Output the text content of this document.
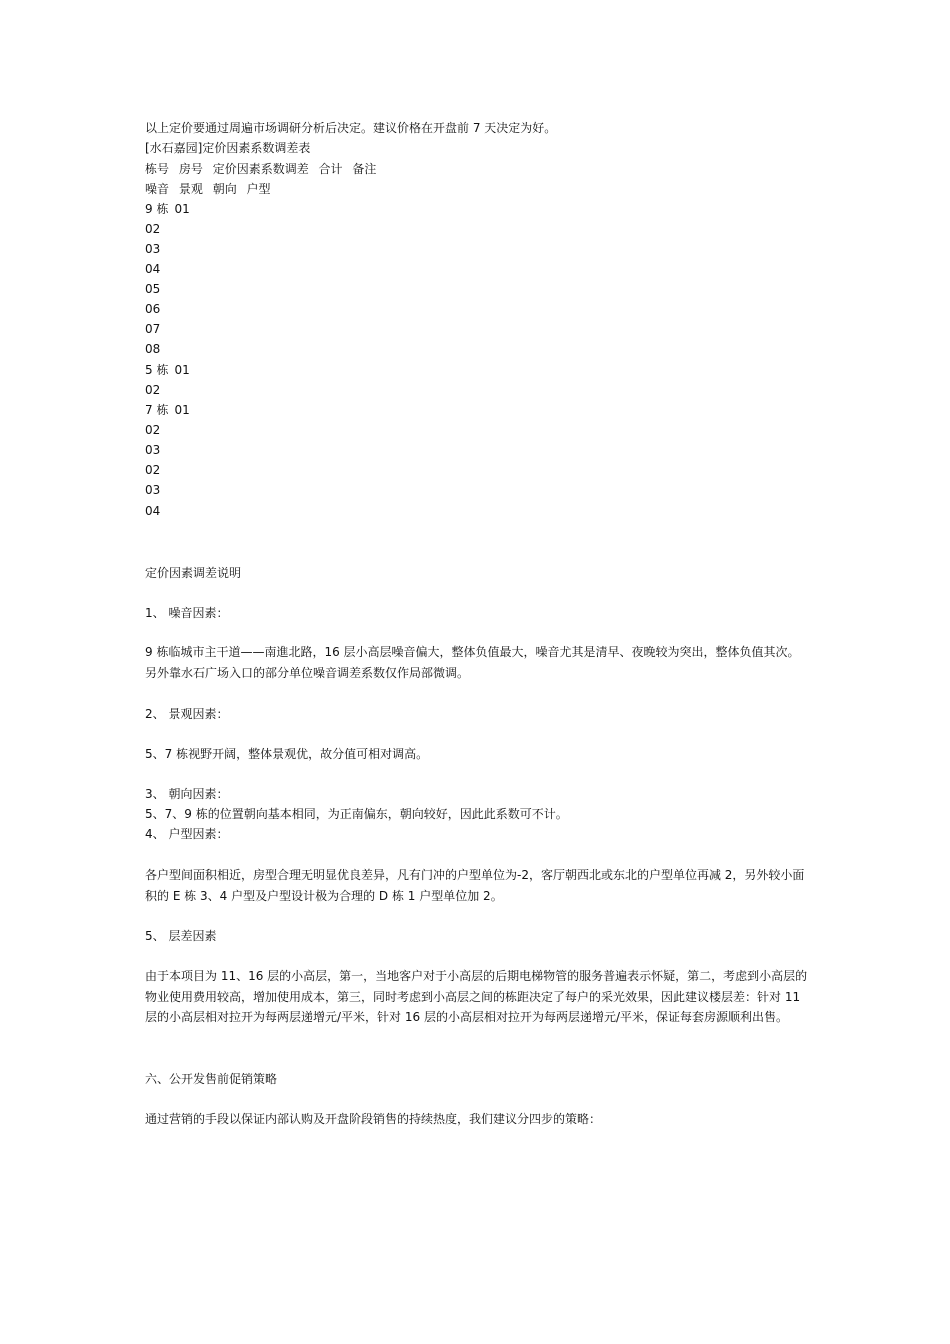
以上定价要通过周遍市场调研分析后决定。建议价格在开盘前 7 天决定为好。
[水石嘉园]定价因素系数调差表
栋号 房号 定价因素系数调差 合计 备注
噪音 景观 朝向 户型
9 栋 01
02
03
04
05
06
07
08
5 栋 01
02
7 栋 01
02
03
02
03
04
定价因素调差说明
1、 噪音因素：
9 栋临城市主干道——南進北路，16 层小高层噪音偏大，整体负值最大，噪音尤其是清早、夜晚较为突出，整体负值其次。另外靠水石广场入口的部分单位噪音调差系数仅作局部微调。
2、 景观因素：
5、7 栋视野开阔，整体景观优，故分值可相对调高。
3、 朝向因素：
5、7、9 栋的位置朝向基本相同，为正南偏东，朝向较好，因此此系数可不计。
4、 户型因素：
各户型间面积相近，房型合理无明显优良差异，凡有门冲的户型单位为-2，客厅朝西北或东北的户型单位再减 2，另外较小面积的 E 栋 3、4 户型及户型设计极为合理的 D 栋 1 户型单位加 2。
5、 层差因素
由于本项目为 11、16 层的小高层，第一，当地客户对于小高层的后期电梯物管的服务普遍表示怀疑，第二，考虑到小高层的物业使用费用较高，增加使用成本，第三，同时考虑到小高层之间的栋距决定了每户的采光效果，因此建议楼层差：针对 11 层的小高层相对拉开为每两层递增元/平米，针对 16 层的小高层相对拉开为每两层递增元/平米，保证每套房源顺利出售。
六、公开发售前促销策略
通过营销的手段以保证内部认购及开盘阶段销售的持续热度，我们建议分四步的策略：
